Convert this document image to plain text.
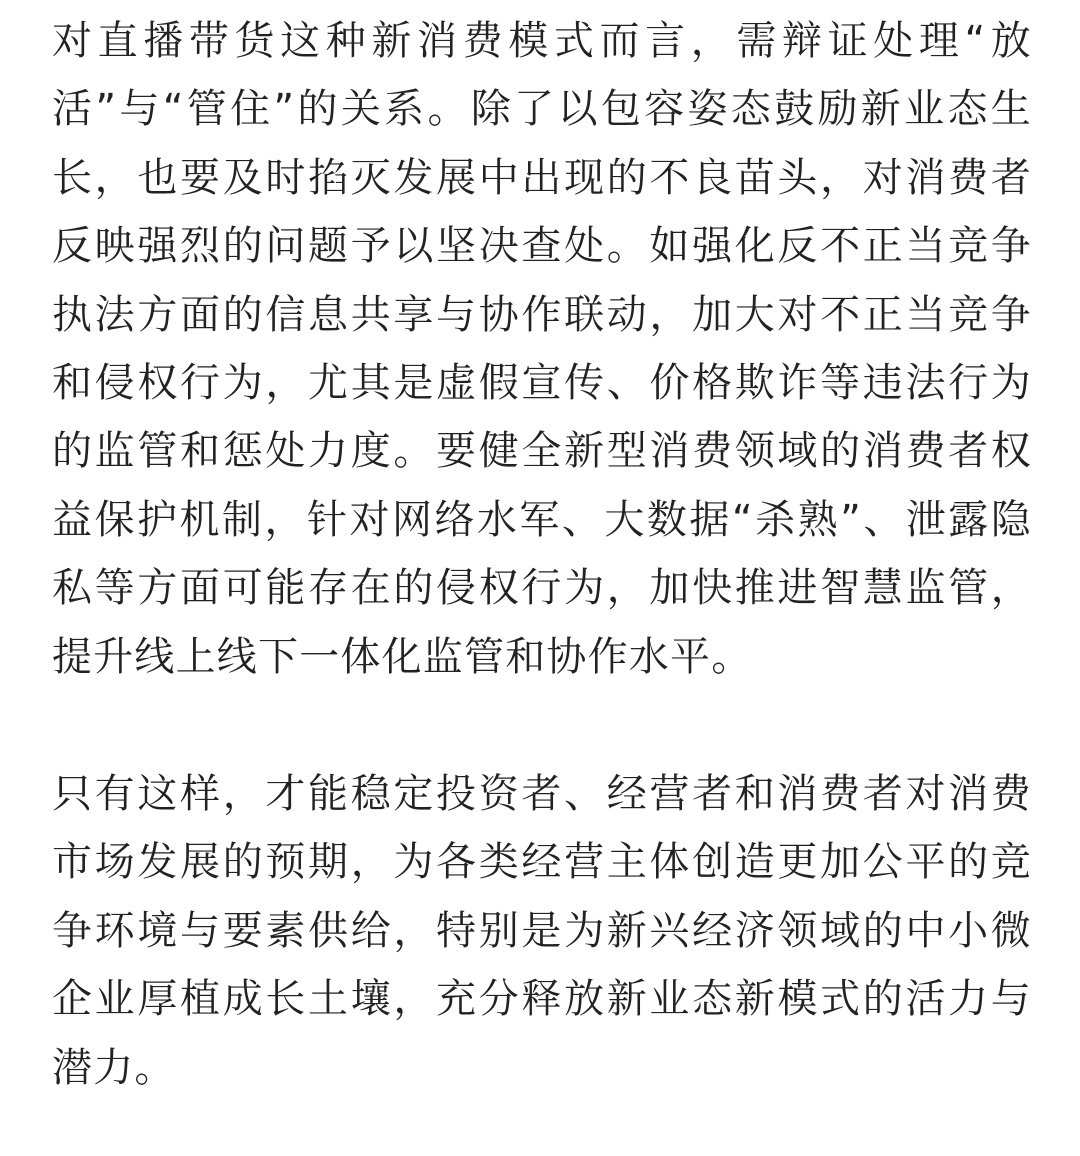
对直播带货这种新消费模式而言，需辩证处理“放活”与“管住”的关系。除了以包容姿态鼓励新业态生长，也要及时掐灭发展中出现的不良苗头，对消费者反映强烈的问题予以坚决查处。如强化反不正当竞争执法方面的信息共享与协作联动，加大对不正当竞争和侵权行为，尤其是虚假宣传、价格欺诈等违法行为的监管和惩处力度。要健全新型消费领域的消费者权益保护机制，针对网络水军、大数据“杀熟”、泄露隐私等方面可能存在的侵权行为，加快推进智慧监管，提升线上线下一体化监管和协作水平。

只有这样，才能稳定投资者、经营者和消费者对消费市场发展的预期，为各类经营主体创造更加公平的竞争环境与要素供给，特别是为新兴经济领域的中小微企业厚植成长土壤，充分释放新业态新模式的活力与潜力。
